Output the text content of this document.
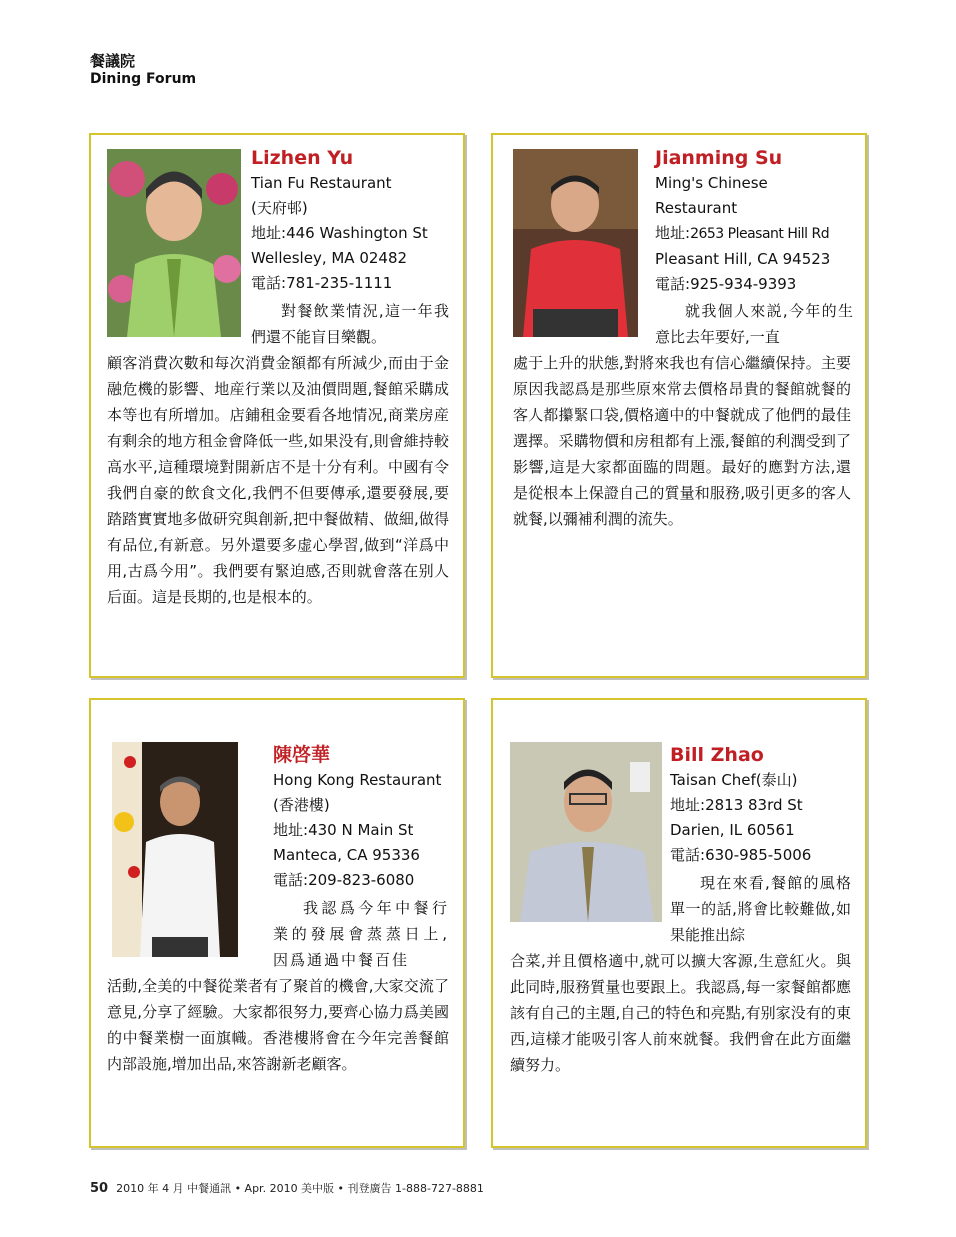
餐議院
Dining Forum
Lizhen Yu
Tian Fu Restaurant
(天府邨)
地址:446 Washington St
Wellesley, MA 02482
電話:781-235-1111
對餐飲業情況,這一年我們還不能盲目樂觀。
顧客消費次數和每次消費金額都有所減少,而由于金融危機的影響、地産行業以及油價問題,餐館采購成本等也有所增加。店鋪租金要看各地情况,商業房産有剩余的地方租金會降低一些,如果没有,則會維持較高水平,這種環境對開新店不是十分有利。中國有令我們自豪的飲食文化,我們不但要傳承,還要發展,要踏踏實實地多做研究與創新,把中餐做精、做細,做得有品位,有新意。另外還要多虚心學習,做到“洋爲中用,古爲今用”。我們要有緊迫感,否則就會落在别人后面。這是長期的,也是根本的。
Jianming Su
Ming's Chinese
Restaurant
地址:2653 Pleasant Hill Rd
Pleasant Hill, CA 94523
電話:925-934-9393
就我個人來説,今年的生意比去年要好,一直
處于上升的狀態,對將來我也有信心繼續保持。主要原因我認爲是那些原來常去價格昂貴的餐館就餐的客人都攥緊口袋,價格適中的中餐就成了他們的最佳選擇。采購物價和房租都有上漲,餐館的利潤受到了影響,這是大家都面臨的問題。最好的應對方法,還是從根本上保證自己的質量和服務,吸引更多的客人就餐,以彌補利潤的流失。
陳啓華
Hong Kong Restaurant
(香港樓)
地址:430 N Main St
Manteca, CA 95336
電話:209-823-6080
我認爲今年中餐行業的發展會蒸蒸日上,因爲通過中餐百佳
活動,全美的中餐從業者有了聚首的機會,大家交流了意見,分享了經驗。大家都很努力,要齊心協力爲美國的中餐業樹一面旗幟。香港樓將會在今年完善餐館内部設施,增加出品,來答謝新老顧客。
Bill Zhao
Taisan Chef(泰山)
地址:2813 83rd St
Darien, IL 60561
電話:630-985-5006
現在來看,餐館的風格單一的話,將會比較難做,如果能推出綜
合菜,并且價格適中,就可以擴大客源,生意紅火。與此同時,服務質量也要跟上。我認爲,每一家餐館都應該有自己的主題,自己的特色和亮點,有别家没有的東西,這樣才能吸引客人前來就餐。我們會在此方面繼續努力。
50 2010 年 4 月 中餐通訊 • Apr. 2010 美中版 • 刊登廣告 1-888-727-8881
